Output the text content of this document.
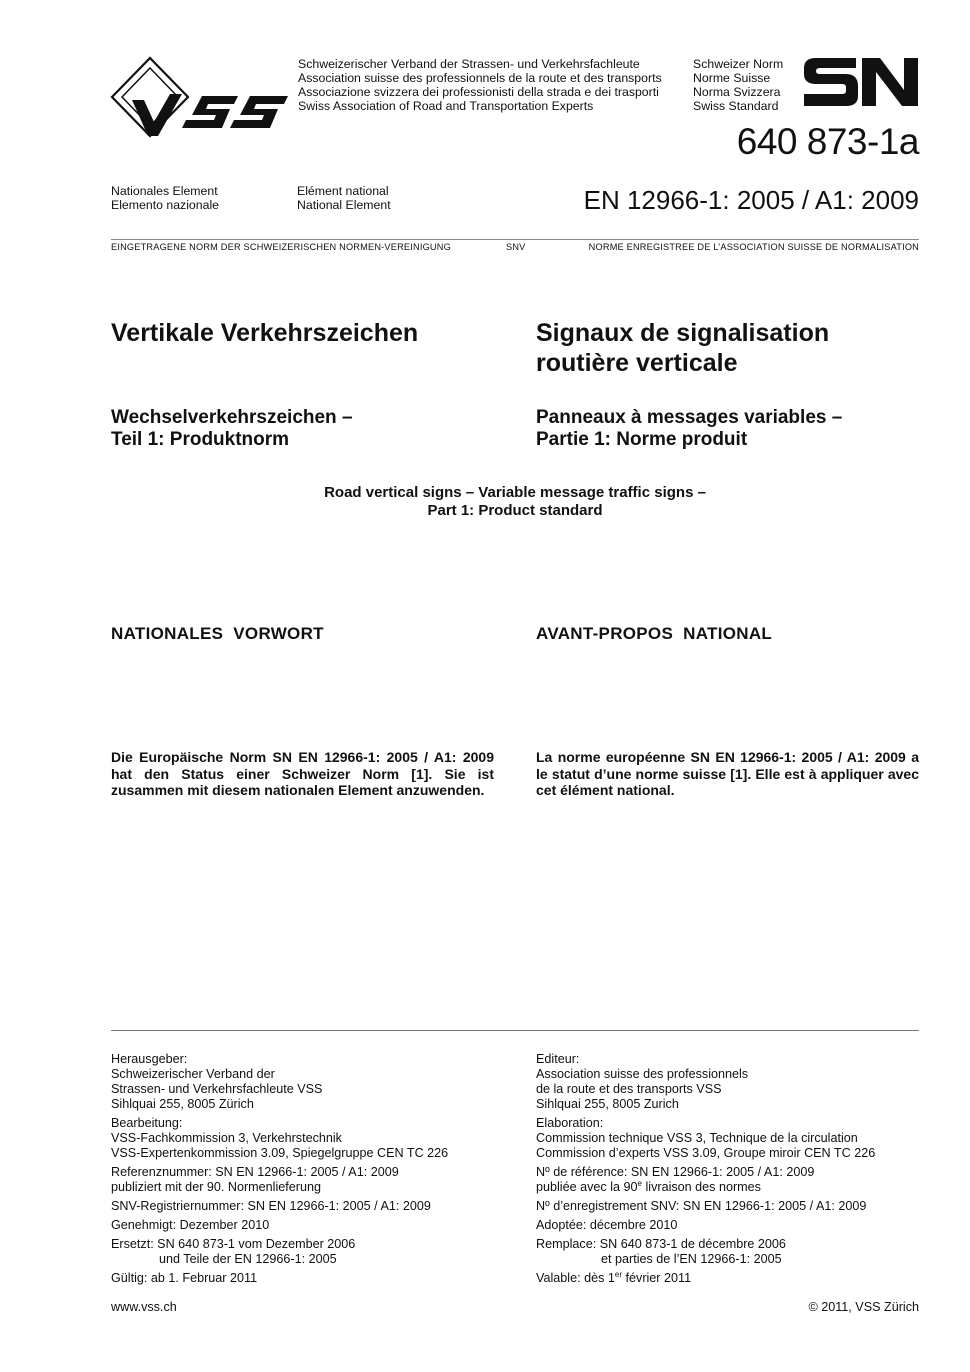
Schweizerischer Verband der Strassen- und Verkehrsfachleute
Association suisse des professionnels de la route et des transports
Associazione svizzera dei professionisti della strada e dei trasporti
Swiss Association of Road and Transportation Experts
Schweizer Norm
Norme Suisse
Norma Svizzera
Swiss Standard
640 873-1a
Nationales Element
Elemento nazionale
Elément national
National Element	EN 12966-1: 2005 / A1: 2009
EINGETRAGENE NORM DER SCHWEIZERISCHEN NORMEN-VEREINIGUNG	SNV	NORME ENREGISTREE DE L’ASSOCIATION SUISSE DE NORMALISATION
Vertikale Verkehrszeichen	Signaux de signalisation
routière verticale
Wechselverkehrszeichen –
Teil 1: Produktnorm
Panneaux à messages variables –
Partie 1: Norme produit
Road vertical signs – Variable message traffic signs –
Part 1: Product standard
NATIONALES  VORWORT	AVANT-PROPOS  NATIONAL
Die Europäische Norm SN EN 12966-1: 2005 / A1: 2009 hat den Status einer Schweizer Norm [1]. Sie ist zusammen mit diesem nationalen Element anzuwenden.
La norme européenne SN EN 12966-1: 2005 / A1: 2009 a le statut d’une norme suisse [1]. Elle est à appliquer avec cet élément national.
Herausgeber:
Schweizerischer Verband der
Strassen- und Verkehrsfachleute VSS
Sihlquai 255, 8005 Zürich
Bearbeitung:
VSS-Fachkommission 3, Verkehrstechnik
VSS-Expertenkommission 3.09, Spiegelgruppe CEN TC 226
Referenznummer: SN EN 12966-1: 2005 / A1: 2009
publiziert mit der 90. Normenlieferung
SNV-Registriernummer: SN EN 12966-1: 2005 / A1: 2009
Genehmigt: Dezember 2010
Ersetzt: SN 640 873-1 vom Dezember 2006
und Teile der EN 12966-1: 2005
Gültig: ab 1. Februar 2011
Editeur:
Association suisse des professionnels
de la route et des transports VSS
Sihlquai 255, 8005 Zurich
Elaboration:
Commission technique VSS 3, Technique de la circulation
Commission d’experts VSS 3.09, Groupe miroir CEN TC 226
Nº de référence: SN EN 12966-1: 2005 / A1: 2009
publiée avec la 90e livraison des normes
Nº d’enregistrement SNV: SN EN 12966-1: 2005 / A1: 2009
Adoptée: décembre 2010
Remplace: SN 640 873-1 de décembre 2006
et parties de l’EN 12966-1: 2005
Valable: dès 1er février 2011
www.vss.ch	© 2011, VSS Zürich
